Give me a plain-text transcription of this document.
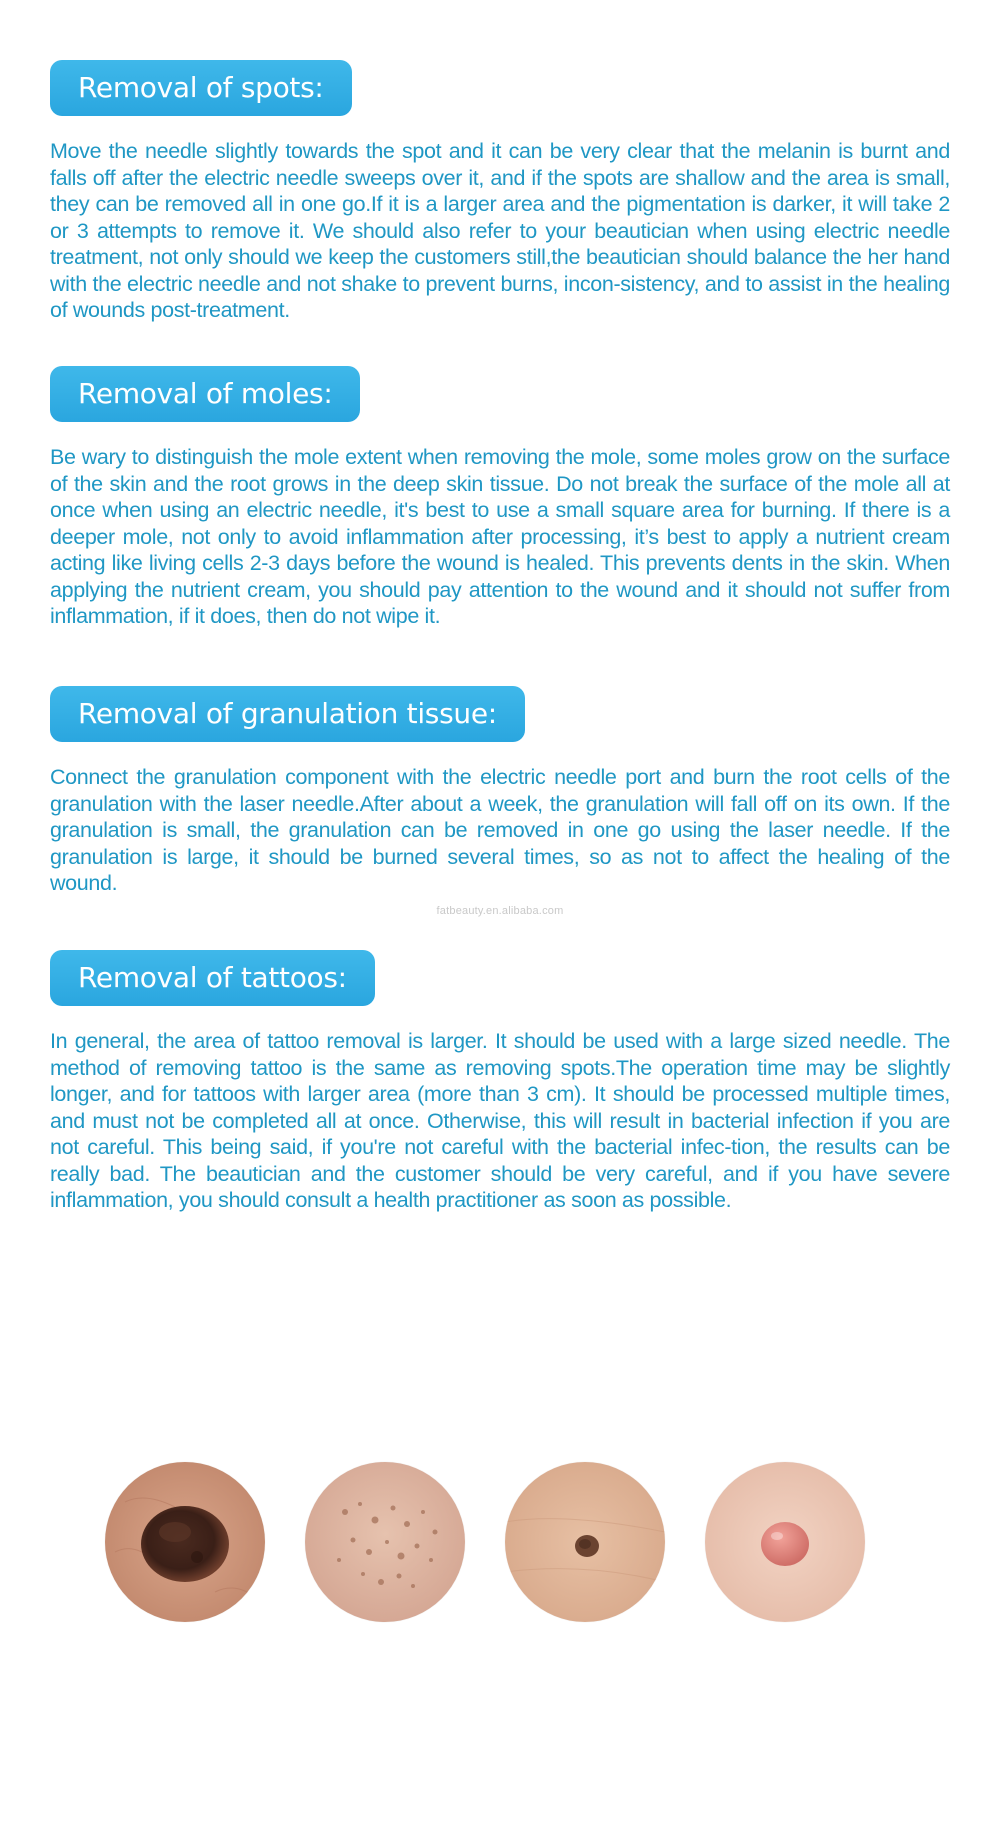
Removal of spots:
Move the needle slightly towards the spot and it can be very clear that the melanin is burnt and falls off after the electric needle sweeps over it, and if the spots are shallow and the area is small, they can be removed all in one go.If it is a larger area and the pigmentation is darker, it will take 2 or 3 attempts to remove it. We should also refer to your beautician when using electric needle treatment, not only should we keep the customers still,the beautician should balance the her hand with the electric needle and not shake to prevent burns, incon-sistency, and to assist in the healing of wounds post-treatment.
Removal of moles:
Be wary to distinguish the mole extent when removing the mole, some moles grow on the surface of the skin and the root grows in the deep skin tissue. Do not break the surface of the mole all at once when using an electric needle, it's best to use a small square area for burning. If there is a deeper mole, not only to avoid inflammation after processing, it’s best to apply a nutrient cream acting like living cells 2-3 days before the wound is healed. This prevents dents in the skin. When applying the nutrient cream, you should pay attention to the wound and it should not suffer from inflammation, if it does, then do not wipe it.
Removal of granulation tissue:
Connect the granulation component with the electric needle port and burn the root cells of the granulation with the laser needle.After about a week, the granulation will fall off on its own. If the granulation is small, the granulation can be removed in one go using the laser needle. If the granulation is large, it should be burned several times, so as not to affect the healing of the wound.
fatbeauty.en.alibaba.com
Removal of tattoos:
In general, the area of tattoo removal is larger. It should be used with a large sized needle. The method of removing tattoo is the same as removing spots.The operation time may be slightly longer, and for tattoos with larger area (more than 3 cm). It should be processed multiple times, and must not be completed all at once. Otherwise, this will result in bacterial infection if you are not careful. This being said, if you're not careful with the bacterial infec-tion, the results can be really bad. The beautician and the customer should be very careful, and if you have severe inflammation, you should consult a health practitioner as soon as possible.
